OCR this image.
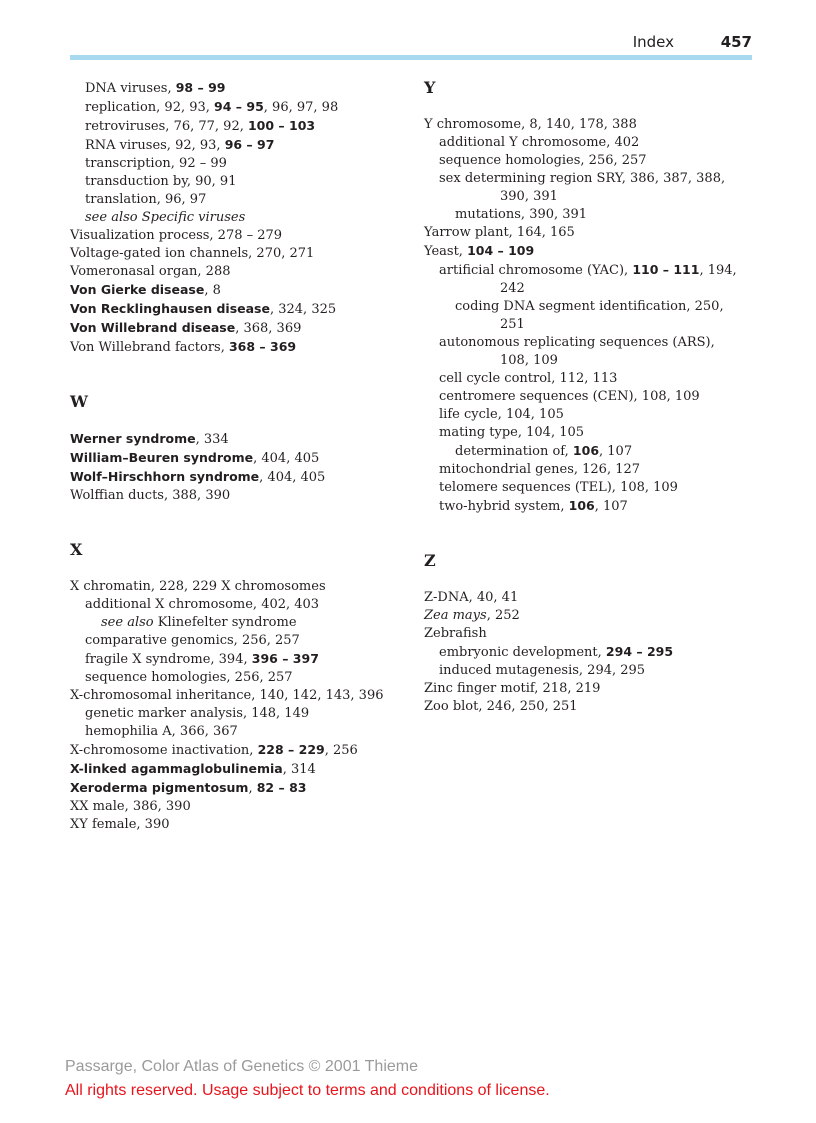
Index	457
DNA viruses, 98 – 99
replication, 92, 93, 94 – 95, 96, 97, 98
retroviruses, 76, 77, 92, 100 – 103
RNA viruses, 92, 93, 96 – 97
transcription, 92 – 99
transduction by, 90, 91
translation, 96, 97
see also Specific viruses
Visualization process, 278 – 279
Voltage-gated ion channels, 270, 271
Vomeronasal organ, 288
Von Gierke disease, 8
Von Recklinghausen disease, 324, 325
Von Willebrand disease, 368, 369
Von Willebrand factors, 368 – 369
W
Werner syndrome, 334
William–Beuren syndrome, 404, 405
Wolf–Hirschhorn syndrome, 404, 405
Wolffian ducts, 388, 390
X
X chromatin, 228, 229 X chromosomes
additional X chromosome, 402, 403
see also Klinefelter syndrome
comparative genomics, 256, 257
fragile X syndrome, 394, 396 – 397
sequence homologies, 256, 257
X-chromosomal inheritance, 140, 142, 143, 396
genetic marker analysis, 148, 149
hemophilia A, 366, 367
X-chromosome inactivation, 228 – 229, 256
X-linked agammaglobulinemia, 314
Xeroderma pigmentosum, 82 – 83
XX male, 386, 390
XY female, 390
Y
Y chromosome, 8, 140, 178, 388
additional Y chromosome, 402
sequence homologies, 256, 257
sex determining region SRY, 386, 387, 388,
390, 391
mutations, 390, 391
Yarrow plant, 164, 165
Yeast, 104 – 109
artificial chromosome (YAC), 110 – 111, 194,
242
coding DNA segment identification, 250,
251
autonomous replicating sequences (ARS),
108, 109
cell cycle control, 112, 113
centromere sequences (CEN), 108, 109
life cycle, 104, 105
mating type, 104, 105
determination of, 106, 107
mitochondrial genes, 126, 127
telomere sequences (TEL), 108, 109
two-hybrid system, 106, 107
Z
Z-DNA, 40, 41
Zea mays, 252
Zebrafish
embryonic development, 294 – 295
induced mutagenesis, 294, 295
Zinc finger motif, 218, 219
Zoo blot, 246, 250, 251
Passarge, Color Atlas of Genetics © 2001 Thieme
All rights reserved. Usage subject to terms and conditions of license.
